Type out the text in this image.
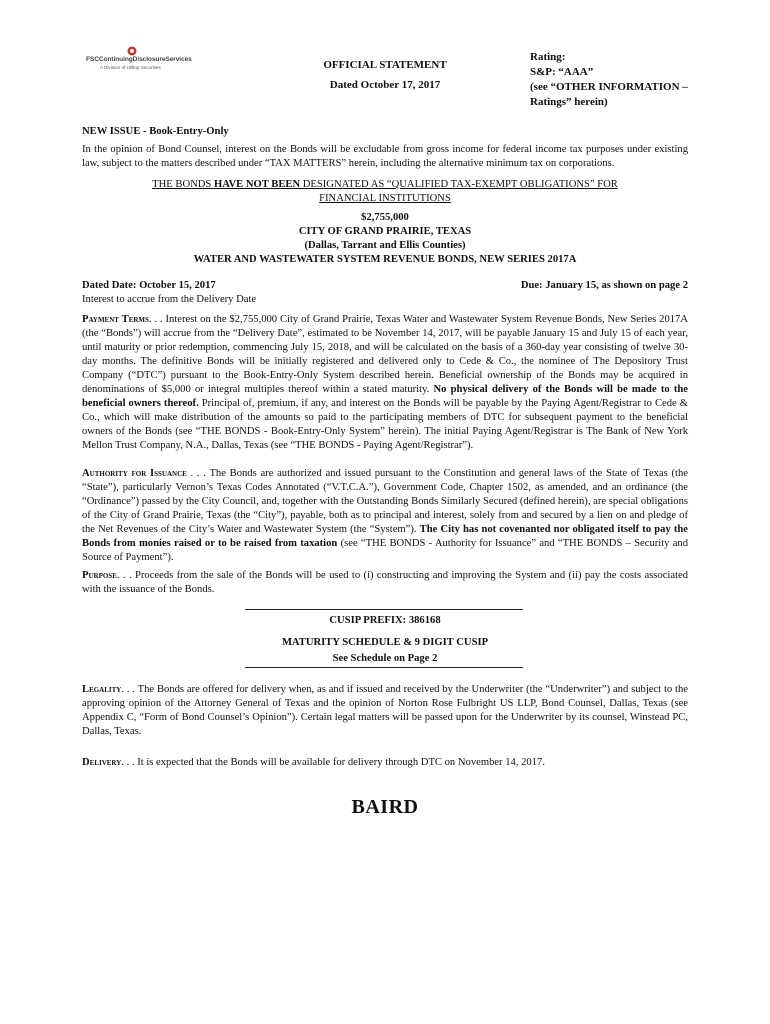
FSCContinuingDisclosureServices
A Division of Hilltop Securities	OFFICIAL STATEMENT
Dated October 17, 2017
Rating:
S&P: “AAA”
(see “OTHER INFORMATION –
Ratings” herein)
NEW ISSUE - Book-Entry-Only
In the opinion of Bond Counsel, interest on the Bonds will be excludable from gross income for federal income tax purposes under existing law, subject to the matters described under “TAX MATTERS” herein, including the alternative minimum tax on corporations.
THE BONDS HAVE NOT BEEN DESIGNATED AS “QUALIFIED TAX-EXEMPT OBLIGATIONS” FOR
FINANCIAL INSTITUTIONS
$2,755,000
CITY OF GRAND PRAIRIE, TEXAS
(Dallas, Tarrant and Ellis Counties)
WATER AND WASTEWATER SYSTEM REVENUE BONDS, NEW SERIES 2017A
Dated Date: October 15, 2017
Interest to accrue from the Delivery Date
Due: January 15, as shown on page 2
Payment Terms. . . Interest on the $2,755,000 City of Grand Prairie, Texas Water and Wastewater System Revenue Bonds, New Series 2017A (the “Bonds”) will accrue from the “Delivery Date”, estimated to be November 14, 2017, will be payable January 15 and July 15 of each year, until maturity or prior redemption, commencing July 15, 2018, and will be calculated on the basis of a 360-day year consisting of twelve 30-day months. The definitive Bonds will be initially registered and delivered only to Cede & Co., the nominee of The Depository Trust Company (“DTC”) pursuant to the Book-Entry-Only System described herein. Beneficial ownership of the Bonds may be acquired in denominations of $5,000 or integral multiples thereof within a stated maturity. No physical delivery of the Bonds will be made to the beneficial owners thereof. Principal of, premium, if any, and interest on the Bonds will be payable by the Paying Agent/Registrar to Cede & Co., which will make distribution of the amounts so paid to the participating members of DTC for subsequent payment to the beneficial owners of the Bonds (see “THE BONDS - Book-Entry-Only System” herein). The initial Paying Agent/Registrar is The Bank of New York Mellon Trust Company, N.A., Dallas, Texas (see “THE BONDS - Paying Agent/Registrar”).
Authority for Issuance . . . The Bonds are authorized and issued pursuant to the Constitution and general laws of the State of Texas (the “State”), particularly Vernon’s Texas Codes Annotated (“V.T.C.A.”), Government Code, Chapter 1502, as amended, and an ordinance (the “Ordinance”) passed by the City Council, and, together with the Outstanding Bonds Similarly Secured (defined herein), are special obligations of the City of Grand Prairie, Texas (the “City”), payable, both as to principal and interest, solely from and secured by a lien on and pledge of the Net Revenues of the City’s Water and Wastewater System (the “System”). The City has not covenanted nor obligated itself to pay the Bonds from monies raised or to be raised from taxation (see “THE BONDS - Authority for Issuance” and “THE BONDS – Security and Source of Payment”).
Purpose. . . Proceeds from the sale of the Bonds will be used to (i) constructing and improving the System and (ii) pay the costs associated with the issuance of the Bonds.
CUSIP PREFIX: 386168
MATURITY SCHEDULE & 9 DIGIT CUSIP
See Schedule on Page 2
Legality. . . The Bonds are offered for delivery when, as and if issued and received by the Underwriter (the “Underwriter”) and subject to the approving opinion of the Attorney General of Texas and the opinion of Norton Rose Fulbright US LLP, Bond Counsel, Dallas, Texas (see Appendix C, “Form of Bond Counsel’s Opinion”). Certain legal matters will be passed upon for the Underwriter by its counsel, Winstead PC, Dallas, Texas.
Delivery. . . It is expected that the Bonds will be available for delivery through DTC on November 14, 2017.
BAIRD
